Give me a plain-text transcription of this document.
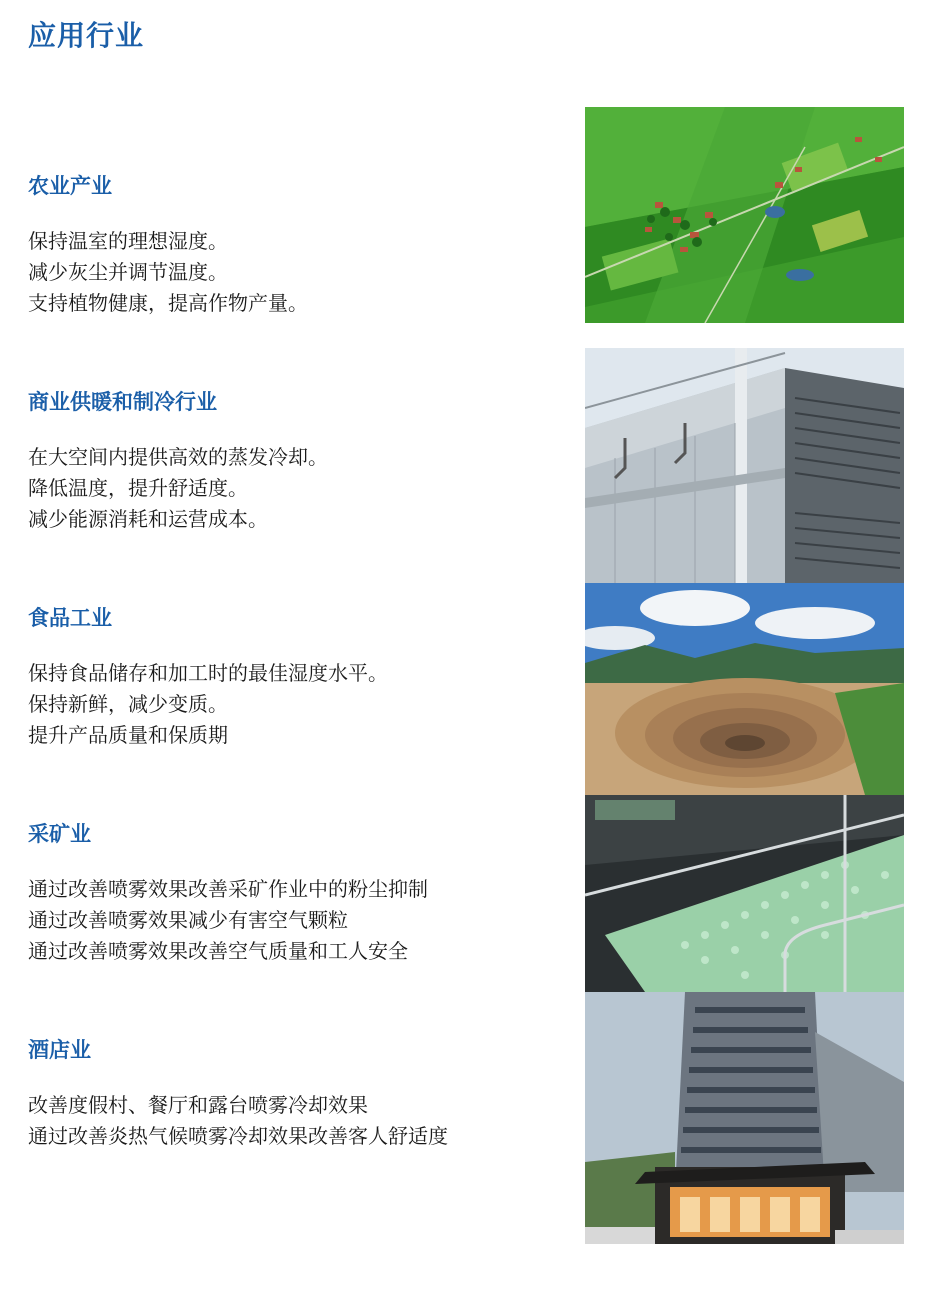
应用行业
农业产业
保持温室的理想湿度。
减少灰尘并调节温度。
支持植物健康，提高作物产量。
商业供暖和制冷行业
在大空间内提供高效的蒸发冷却。
降低温度，提升舒适度。
减少能源消耗和运营成本。
食品工业
保持食品储存和加工时的最佳湿度水平。
保持新鲜，减少变质。
提升产品质量和保质期
采矿业
通过改善喷雾效果改善采矿作业中的粉尘抑制
通过改善喷雾效果减少有害空气颗粒
通过改善喷雾效果改善空气质量和工人安全
酒店业
改善度假村、餐厅和露台喷雾冷却效果
通过改善炎热气候喷雾冷却效果改善客人舒适度
